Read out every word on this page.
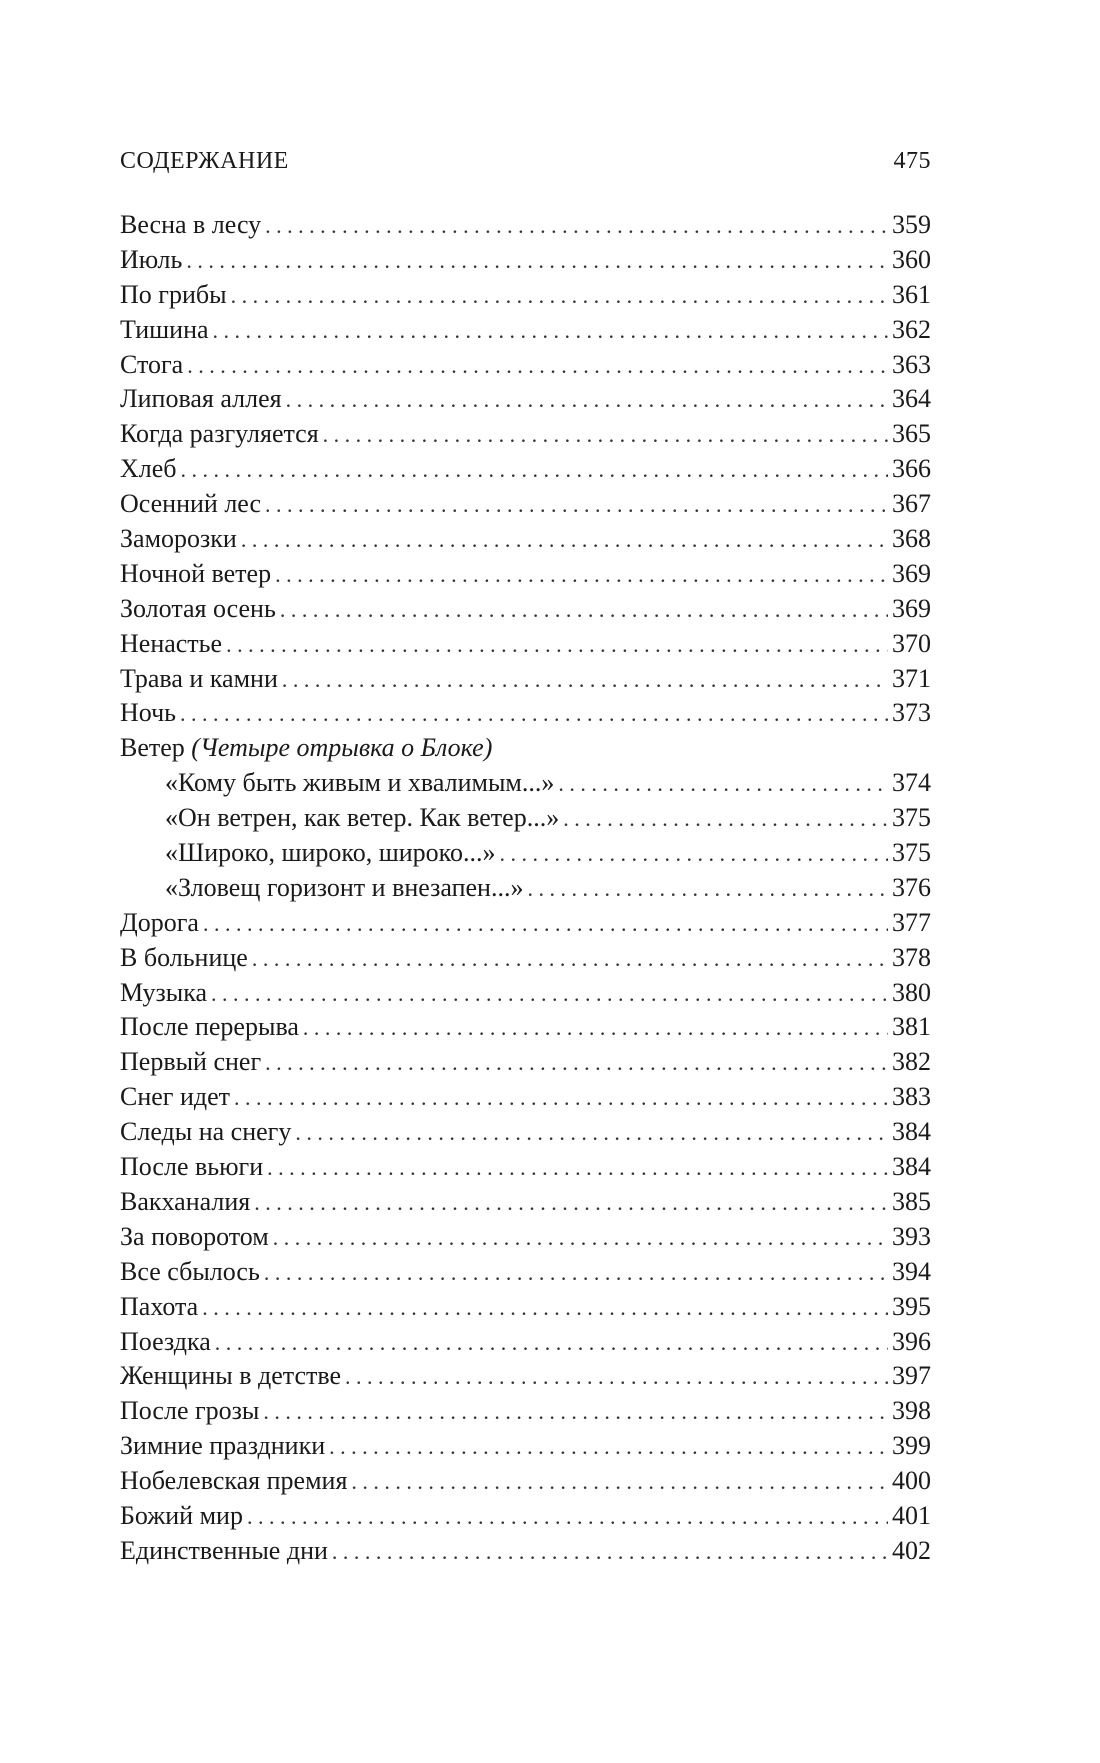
СОДЕРЖАНИЕ	475
Весна в лесу . . .	359
Июль . . .	360
По грибы . . .	361
Тишина . . .	362
Стога . . .	363
Липовая аллея . . .	364
Когда разгуляется . . .	365
Хлеб . . .	366
Осенний лес . . .	367
Заморозки . . .	368
Ночной ветер . . .	369
Золотая осень . . .	369
Ненастье . . .	370
Трава и камни . . .	371
Ночь . . .	373
Ветер (Четыре отрывка о Блоке)
«Кому быть живым и хвалимым...» . . .	374
«Он ветрен, как ветер. Как ветер...» . . .	375
«Широко, широко, широко...» . . .	375
«Зловещ горизонт и внезапен...» . . .	376
Дорога . . .	377
В больнице . . .	378
Музыка . . .	380
После перерыва . . .	381
Первый снег . . .	382
Снег идет . . .	383
Следы на снегу . . .	384
После вьюги . . .	384
Вакханалия . . .	385
За поворотом . . .	393
Все сбылось . . .	394
Пахота . . .	395
Поездка . . .	396
Женщины в детстве . . .	397
После грозы . . .	398
Зимние праздники . . .	399
Нобелевская премия . . .	400
Божий мир . . .	401
Единственные дни . . .	402
